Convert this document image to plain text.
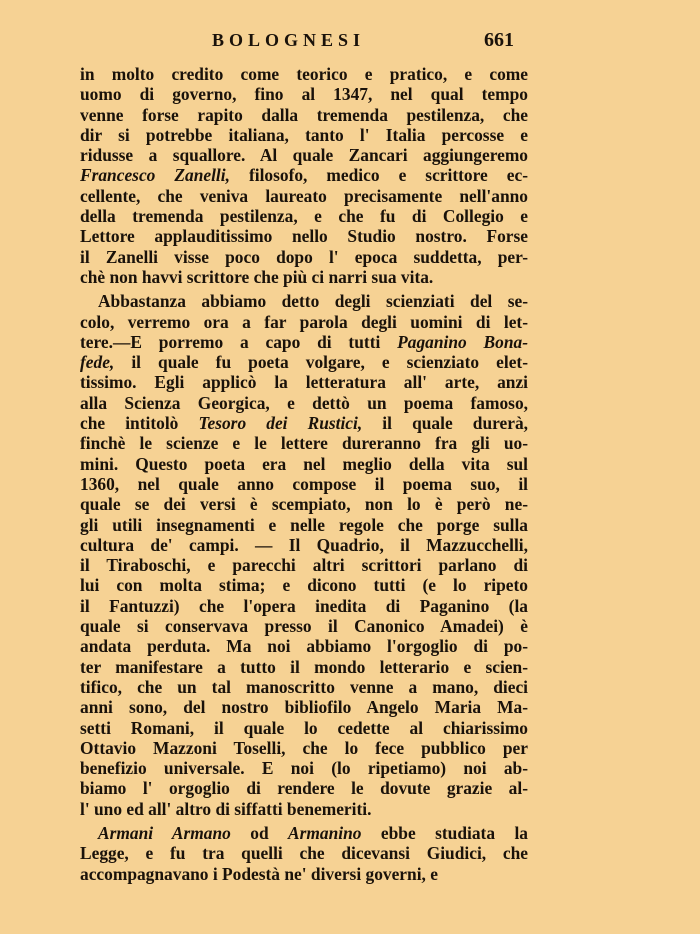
BOLOGNESI	661
in molto credito come teorico e pratico, e come
uomo di governo, fino al 1347, nel qual tempo
venne forse rapito dalla tremenda pestilenza, che
dir si potrebbe italiana, tanto l' Italia percosse e
ridusse a squallore. Al quale Zancari aggiungeremo
Francesco Zanelli, filosofo, medico e scrittore ec-
cellente, che veniva laureato precisamente nell'anno
della tremenda pestilenza, e che fu di Collegio e
Lettore applauditissimo nello Studio nostro. Forse
il Zanelli visse poco dopo l' epoca suddetta, per-
chè non havvi scrittore che più ci narri sua vita.
Abbastanza abbiamo detto degli scienziati del se-
colo, verremo ora a far parola degli uomini di let-
tere.—E porremo a capo di tutti Paganino Bona-
fede, il quale fu poeta volgare, e scienziato elet-
tissimo. Egli applicò la letteratura all' arte, anzi
alla Scienza Georgica, e dettò un poema famoso,
che intitolò Tesoro dei Rustici, il quale durerà,
finchè le scienze e le lettere dureranno fra gli uo-
mini. Questo poeta era nel meglio della vita sul
1360, nel quale anno compose il poema suo, il
quale se dei versi è scempiato, non lo è però ne-
gli utili insegnamenti e nelle regole che porge sulla
cultura de' campi. — Il Quadrio, il Mazzucchelli,
il Tiraboschi, e parecchi altri scrittori parlano di
lui con molta stima; e dicono tutti (e lo ripeto
il Fantuzzi) che l'opera inedita di Paganino (la
quale si conservava presso il Canonico Amadei) è
andata perduta. Ma noi abbiamo l'orgoglio di po-
ter manifestare a tutto il mondo letterario e scien-
tifico, che un tal manoscritto venne a mano, dieci
anni sono, del nostro bibliofilo Angelo Maria Ma-
setti Romani, il quale lo cedette al chiarissimo
Ottavio Mazzoni Toselli, che lo fece pubblico per
benefizio universale. E noi (lo ripetiamo) noi ab-
biamo l' orgoglio di rendere le dovute grazie al-
l' uno ed all' altro di siffatti benemeriti.
Armani Armano od Armanino ebbe studiata la
Legge, e fu tra quelli che dicevansi Giudici, che
accompagnavano i Podestà ne' diversi governi, e
